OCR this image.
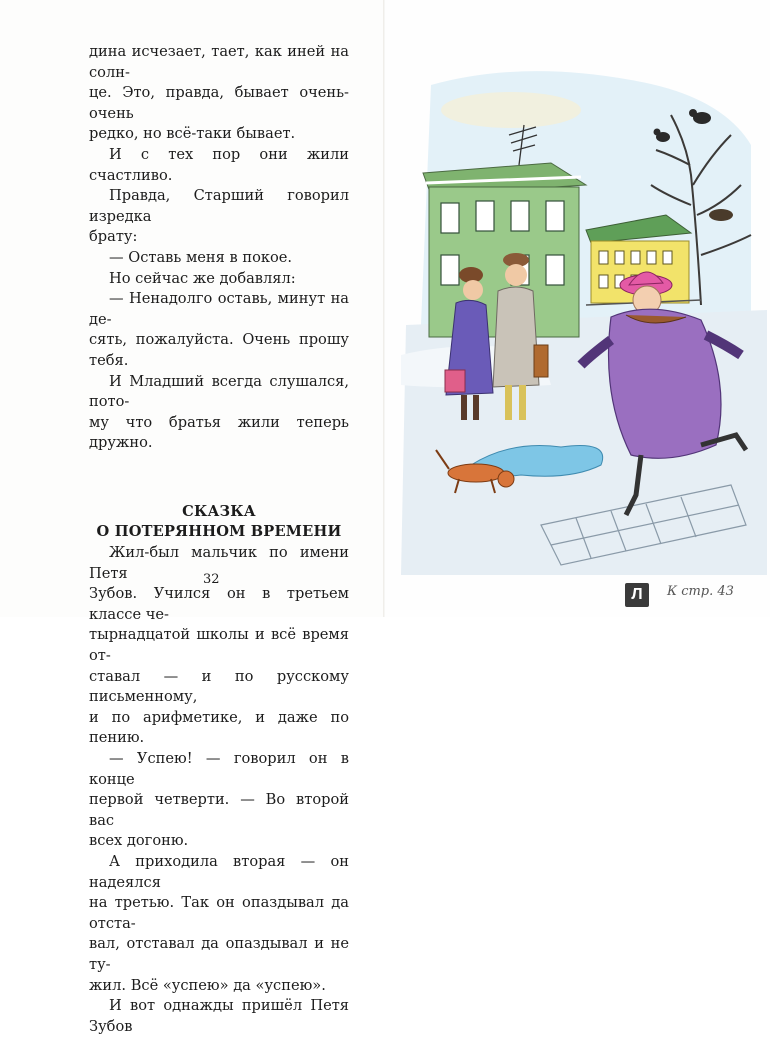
дина исчезает, тает, как иней на солн-

це. Это, правда, бывает очень-очень

редко, но всё-таки бывает.

И с тех пор они жили счастливо.

Правда, Старший говорил изредка

брату:

— Оставь меня в покое.

Но сейчас же добавлял:

— Ненадолго оставь, минут на де-

сять, пожалуйста. Очень прошу тебя.

И Младший всегда слушался, пото-

му что братья жили теперь дружно.

СКАЗКА

О ПОТЕРЯННОМ ВРЕМЕНИ

Жил-был мальчик по имени Петя

Зубов. Учился он в третьем классе че-

тырнадцатой школы и всё время от-

ставал — и по русскому письменному,

и по арифметике, и даже по пению.

— Успею! — говорил он в конце

первой четверти. — Во второй вас

всех догоню.

А приходила вторая — он надеялся

на третью. Так он опаздывал да отста-

вал, отставал да опаздывал и не ту-

жил. Всё «успею» да «успею».

И вот однажды пришёл Петя Зубов

32
Л	К стр. 43
